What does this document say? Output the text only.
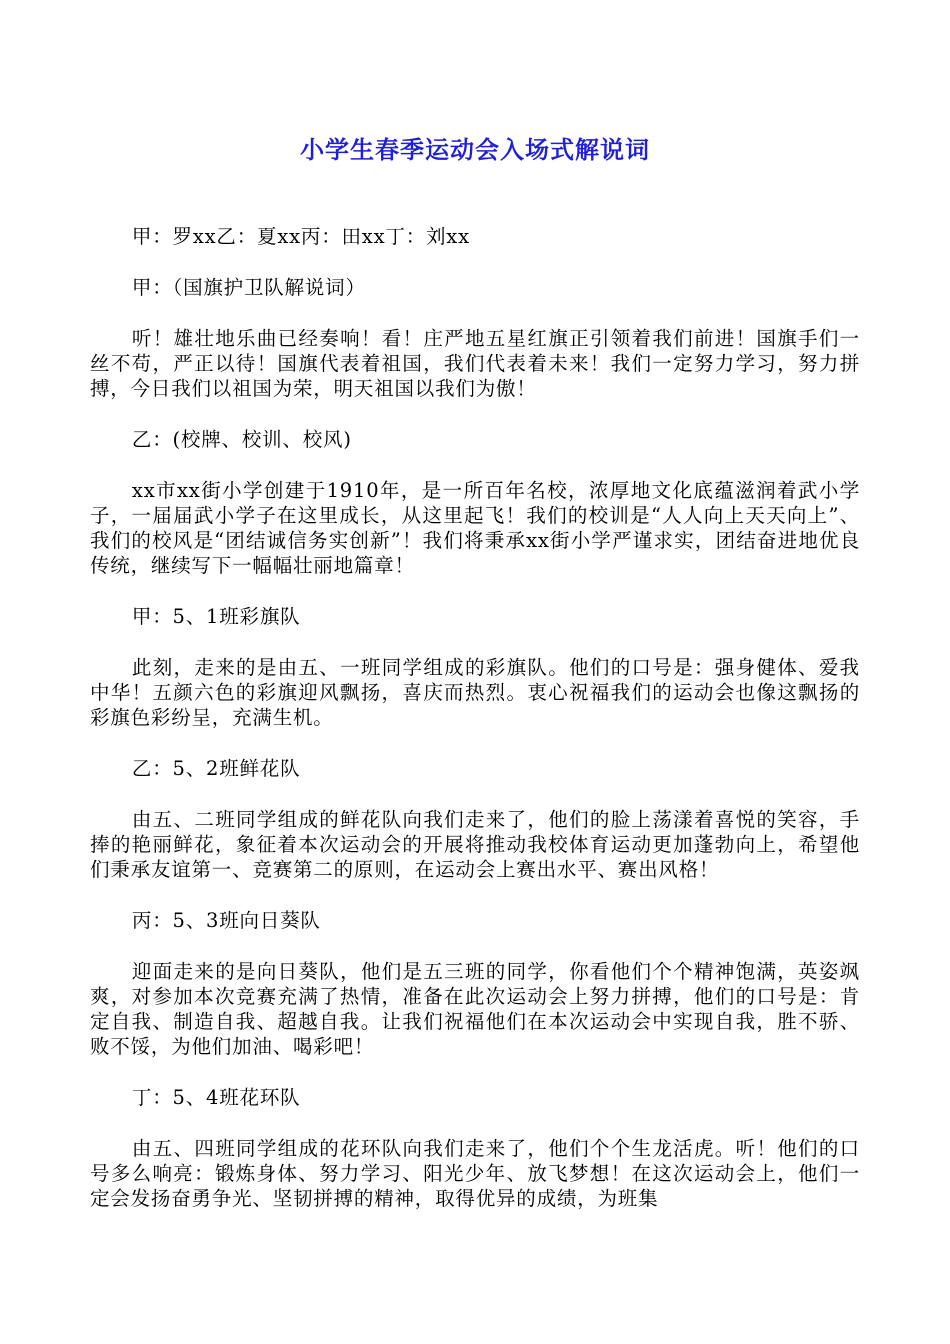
小学生春季运动会入场式解说词

甲：罗xx乙：夏xx丙：田xx丁：刘xx

甲：（国旗护卫队解说词）

听！雄壮地乐曲已经奏响！看！庄严地五星红旗正引领着我们前进！国旗手们一丝不苟，严正以待！国旗代表着祖国，我们代表着未来！我们一定努力学习，努力拼搏，今日我们以祖国为荣，明天祖国以我们为傲！

乙：(校牌、校训、校风)

xx市xx街小学创建于1910年，是一所百年名校，浓厚地文化底蕴滋润着武小学子，一届届武小学子在这里成长，从这里起飞！我们的校训是“人人向上天天向上”、我们的校风是“团结诚信务实创新”！我们将秉承xx街小学严谨求实，团结奋进地优良传统，继续写下一幅幅壮丽地篇章！

甲：5、1班彩旗队

此刻，走来的是由五、一班同学组成的彩旗队。他们的口号是：强身健体、爱我中华！五颜六色的彩旗迎风飘扬，喜庆而热烈。衷心祝福我们的运动会也像这飘扬的彩旗色彩纷呈，充满生机。

乙：5、2班鲜花队

由五、二班同学组成的鲜花队向我们走来了，他们的脸上荡漾着喜悦的笑容，手捧的艳丽鲜花，象征着本次运动会的开展将推动我校体育运动更加蓬勃向上，希望他们秉承友谊第一、竞赛第二的原则，在运动会上赛出水平、赛出风格！

丙：5、3班向日葵队

迎面走来的是向日葵队，他们是五三班的同学，你看他们个个精神饱满，英姿飒爽，对参加本次竞赛充满了热情，准备在此次运动会上努力拼搏，他们的口号是：肯定自我、制造自我、超越自我。让我们祝福他们在本次运动会中实现自我，胜不骄、败不馁，为他们加油、喝彩吧！

丁：5、4班花环队

由五、四班同学组成的花环队向我们走来了，他们个个生龙活虎。听！他们的口号多么响亮：锻炼身体、努力学习、阳光少年、放飞梦想！在这次运动会上，他们一定会发扬奋勇争光、坚韧拼搏的精神，取得优异的成绩，为班集
